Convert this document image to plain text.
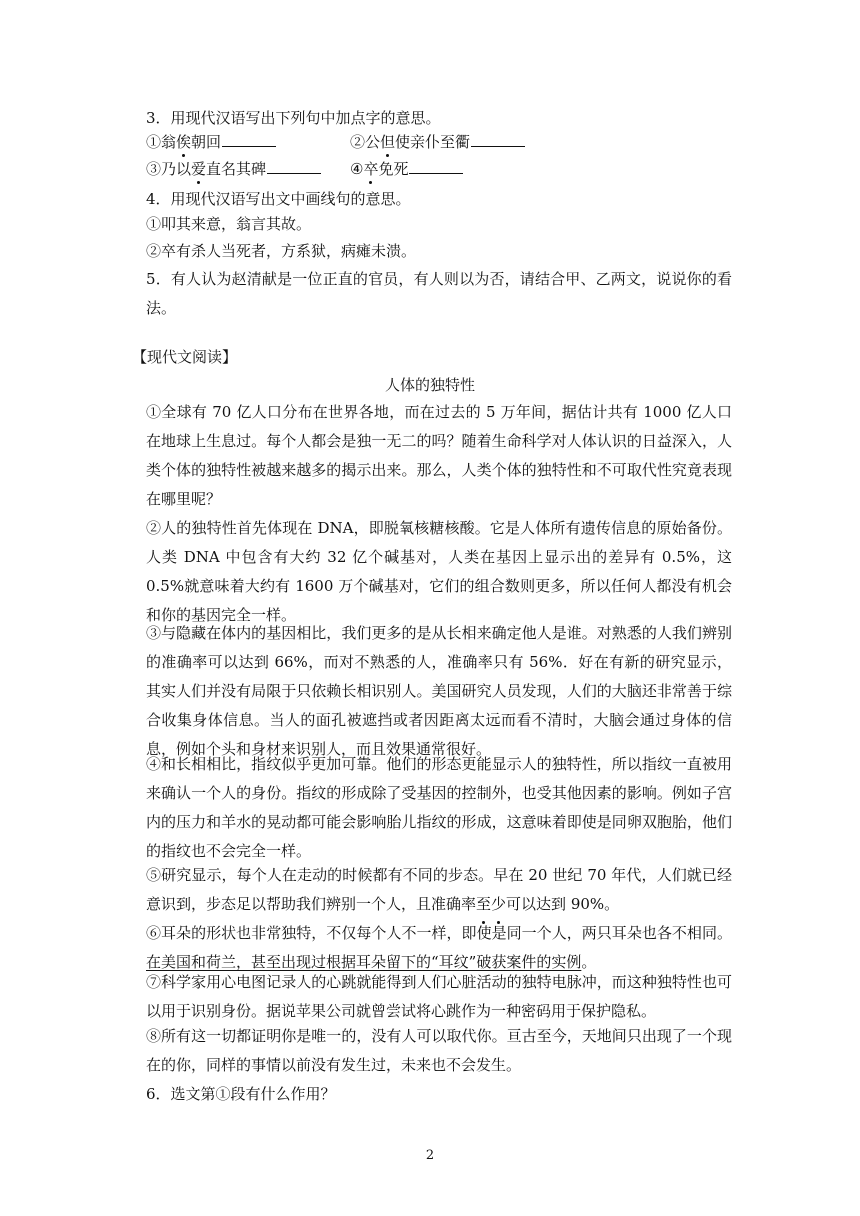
3．用现代汉语写出下列句中加点字的意思。
①翁俟朝回	②公但使亲仆至衢
③乃以爱直名其碑	④卒免死
4．用现代汉语写出文中画线句的意思。
①叩其来意，翁言其故。
②卒有杀人当死者，方系狱，病瘫未溃。
5．有人认为赵清献是一位正直的官员，有人则以为否，请结合甲、乙两文，说说你的看法。
【现代文阅读】
人体的独特性
①全球有 70 亿人口分布在世界各地，而在过去的 5 万年间，据估计共有 1000 亿人口在地球上生息过。每个人都会是独一无二的吗？随着生命科学对人体认识的日益深入，人类个体的独特性被越来越多的揭示出来。那么，人类个体的独特性和不可取代性究竟表现在哪里呢？
②人的独特性首先体现在 DNA，即脱氧核糖核酸。它是人体所有遗传信息的原始备份。人类 DNA 中包含有大约 32 亿个碱基对，人类在基因上显示出的差异有 0.5%，这 0.5%就意味着大约有 1600 万个碱基对，它们的组合数则更多，所以任何人都没有机会和你的基因完全一样。
③与隐藏在体内的基因相比，我们更多的是从长相来确定他人是谁。对熟悉的人我们辨别的准确率可以达到 66%，而对不熟悉的人，准确率只有 56%．好在有新的研究显示，其实人们并没有局限于只依赖长相识别人。美国研究人员发现，人们的大脑还非常善于综合收集身体信息。当人的面孔被遮挡或者因距离太远而看不清时，大脑会通过身体的信息，例如个头和身材来识别人，而且效果通常很好。
④和长相相比，指纹似乎更加可靠。他们的形态更能显示人的独特性，所以指纹一直被用来确认一个人的身份。指纹的形成除了受基因的控制外，也受其他因素的影响。例如子宫内的压力和羊水的晃动都可能会影响胎儿指纹的形成，这意味着即使是同卵双胞胎，他们的指纹也不会完全一样。
⑤研究显示，每个人在走动的时候都有不同的步态。早在 20 世纪 70 年代，人们就已经意识到，步态足以帮助我们辨别一个人，且准确率至少可以达到 90%。
⑥耳朵的形状也非常独特，不仅每个人不一样，即使是同一个人，两只耳朵也各不相同。在美国和荷兰，甚至出现过根据耳朵留下的“耳纹”破获案件的实例。
⑦科学家用心电图记录人的心跳就能得到人们心脏活动的独特电脉冲，而这种独特性也可以用于识别身份。据说苹果公司就曾尝试将心跳作为一种密码用于保护隐私。
⑧所有这一切都证明你是唯一的，没有人可以取代你。亘古至今，天地间只出现了一个现在的你，同样的事情以前没有发生过，未来也不会发生。
6．选文第①段有什么作用？
2
